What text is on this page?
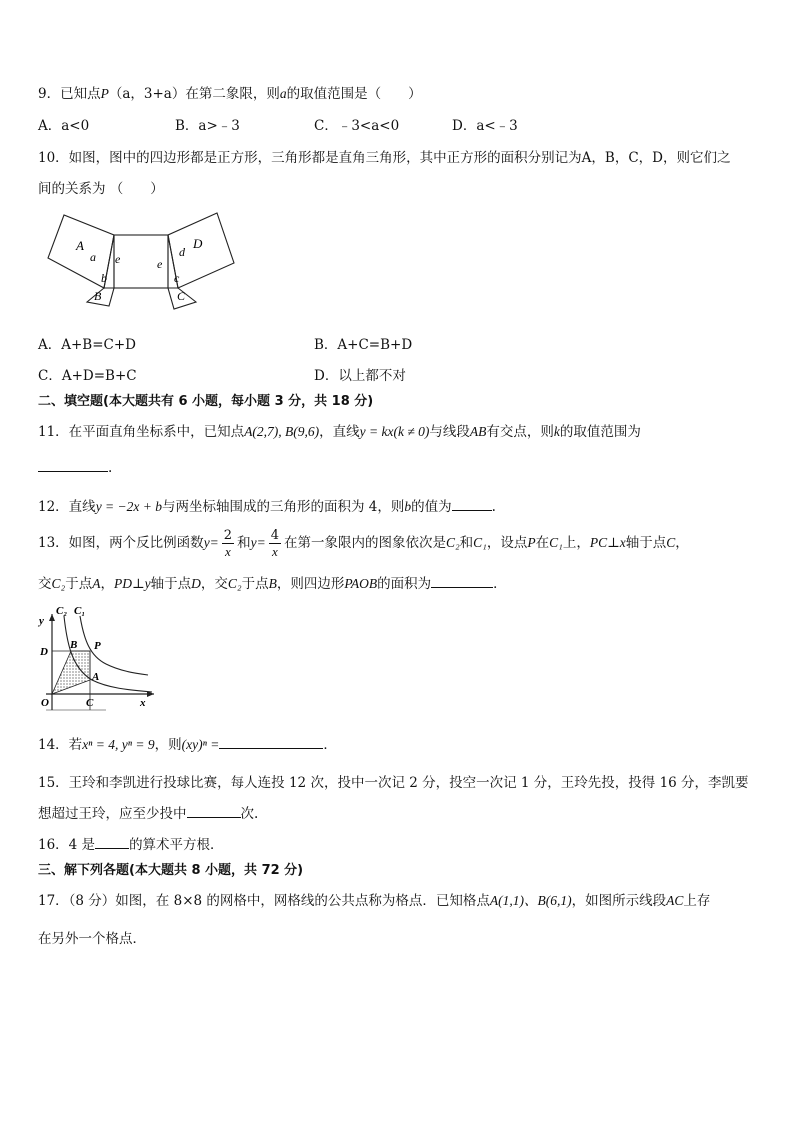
9．已知点P（a，3+a）在第二象限，则a的取值范围是（　　）
A．a<0	B．a>﹣3	C．﹣3<a<0	D．a<﹣3
10．如图，图中的四边形都是正方形，三角形都是直角三角形，其中正方形的面积分别记为A，B，C，D，则它们之
间的关系为 （　　）
A
a e	e
d
D
b	c
B	C
A．A+B=C+D	B．A+C=B+D
C．A+D=B+C	D．以上都不对
二、填空题(本大题共有 6 小题，每小题 3 分，共 18 分)
11．在平面直角坐标系中，已知点A(2,7), B(9,6)，直线y = kx(k ≠ 0)与线段AB有交点，则k的取值范围为
.
12．直线y = −2x + b与两坐标轴围成的三角形的面积为 4，则b的值为	.
13．如图，两个反比例函数$y= \frac{2}{x}$ 和$y= \frac{4}{x}$ 在第一象限内的图象依次是C₂和C₁，设点P在C₁上，PC⊥x轴于点C，
交C₂于点A，PD⊥y轴于点D，交C₂于点B，则四边形PAOB的面积为	．
y
C₂ C₁
D
B P
A
O	C	x
14．若xⁿ = 4, yⁿ = 9，则(xy)ⁿ =	．
15．王玲和李凯进行投球比赛，每人连投 12 次，投中一次记 2 分，投空一次记 1 分，王玲先投，投得 16 分，李凯要
想超过王玲，应至少投中	次.
16．4 是	的算术平方根．
三、解下列各题(本大题共 8 小题，共 72 分)
17．（8 分）如图，在 8×8 的网格中，网格线的公共点称为格点．已知格点A(1,1)、B(6,1)，如图所示线段AC上存
在另外一个格点．
